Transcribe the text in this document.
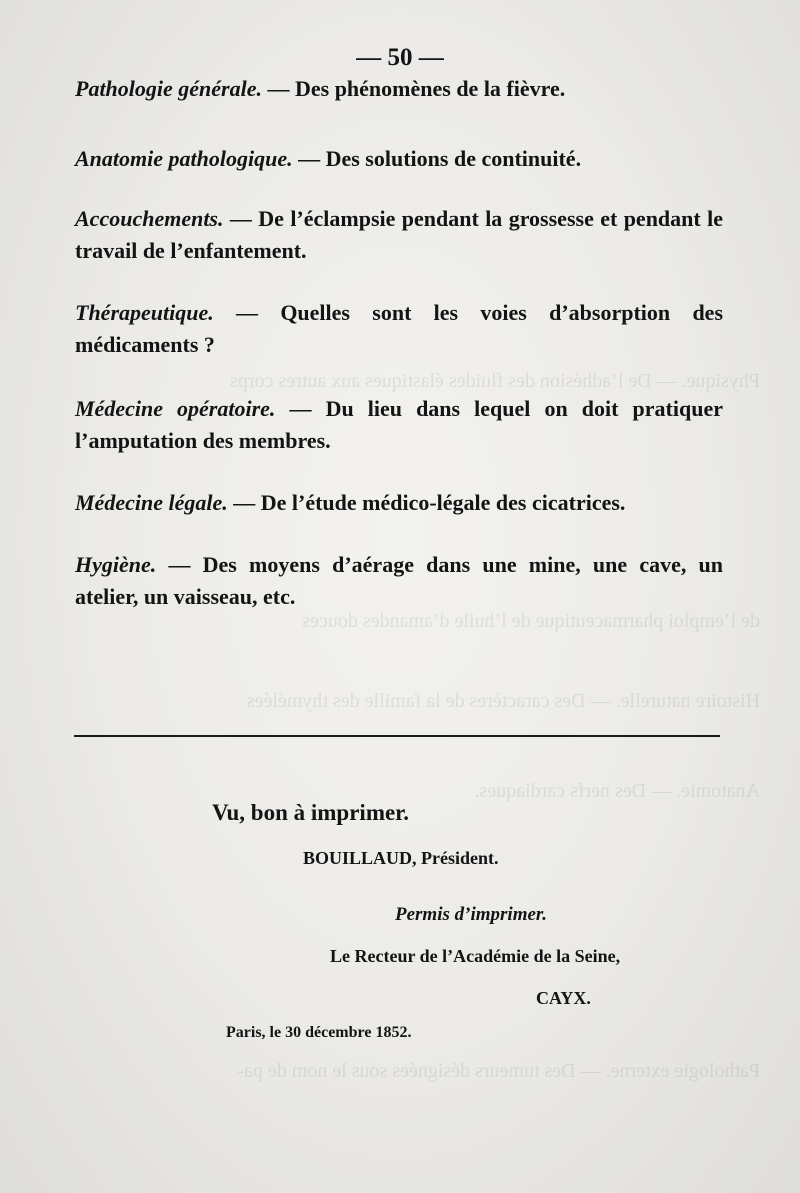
Physique. — De l’adhésion des fluides élastiques aux autres corps
de l’emploi pharmaceutique de l’huile d’amandes douces
Histoire naturelle. — Des caractères de la famille des thymélées
Anatomie. — Des nerfs cardiaques.
Pathologie externe. — Des tumeurs désignées sous le nom de pa-
— 50 —

Pathologie générale. — Des phénomènes de la fièvre.

Anatomie pathologique. — Des solutions de continuité.

Accouchements. — De l’éclampsie pendant la grossesse et pendant le travail de l’enfantement.

Thérapeutique. — Quelles sont les voies d’absorption des médicaments ?

Médecine opératoire. — Du lieu dans lequel on doit pratiquer l’amputation des membres.

Médecine légale. — De l’étude médico-légale des cicatrices.

Hygiène. — Des moyens d’aérage dans une mine, une cave, un atelier, un vaisseau, etc.

Vu, bon à imprimer.
BOUILLAUD, Président.
Permis d’imprimer.
Le Recteur de l’Académie de la Seine,
CAYX.
Paris, le 30 décembre 1852.
